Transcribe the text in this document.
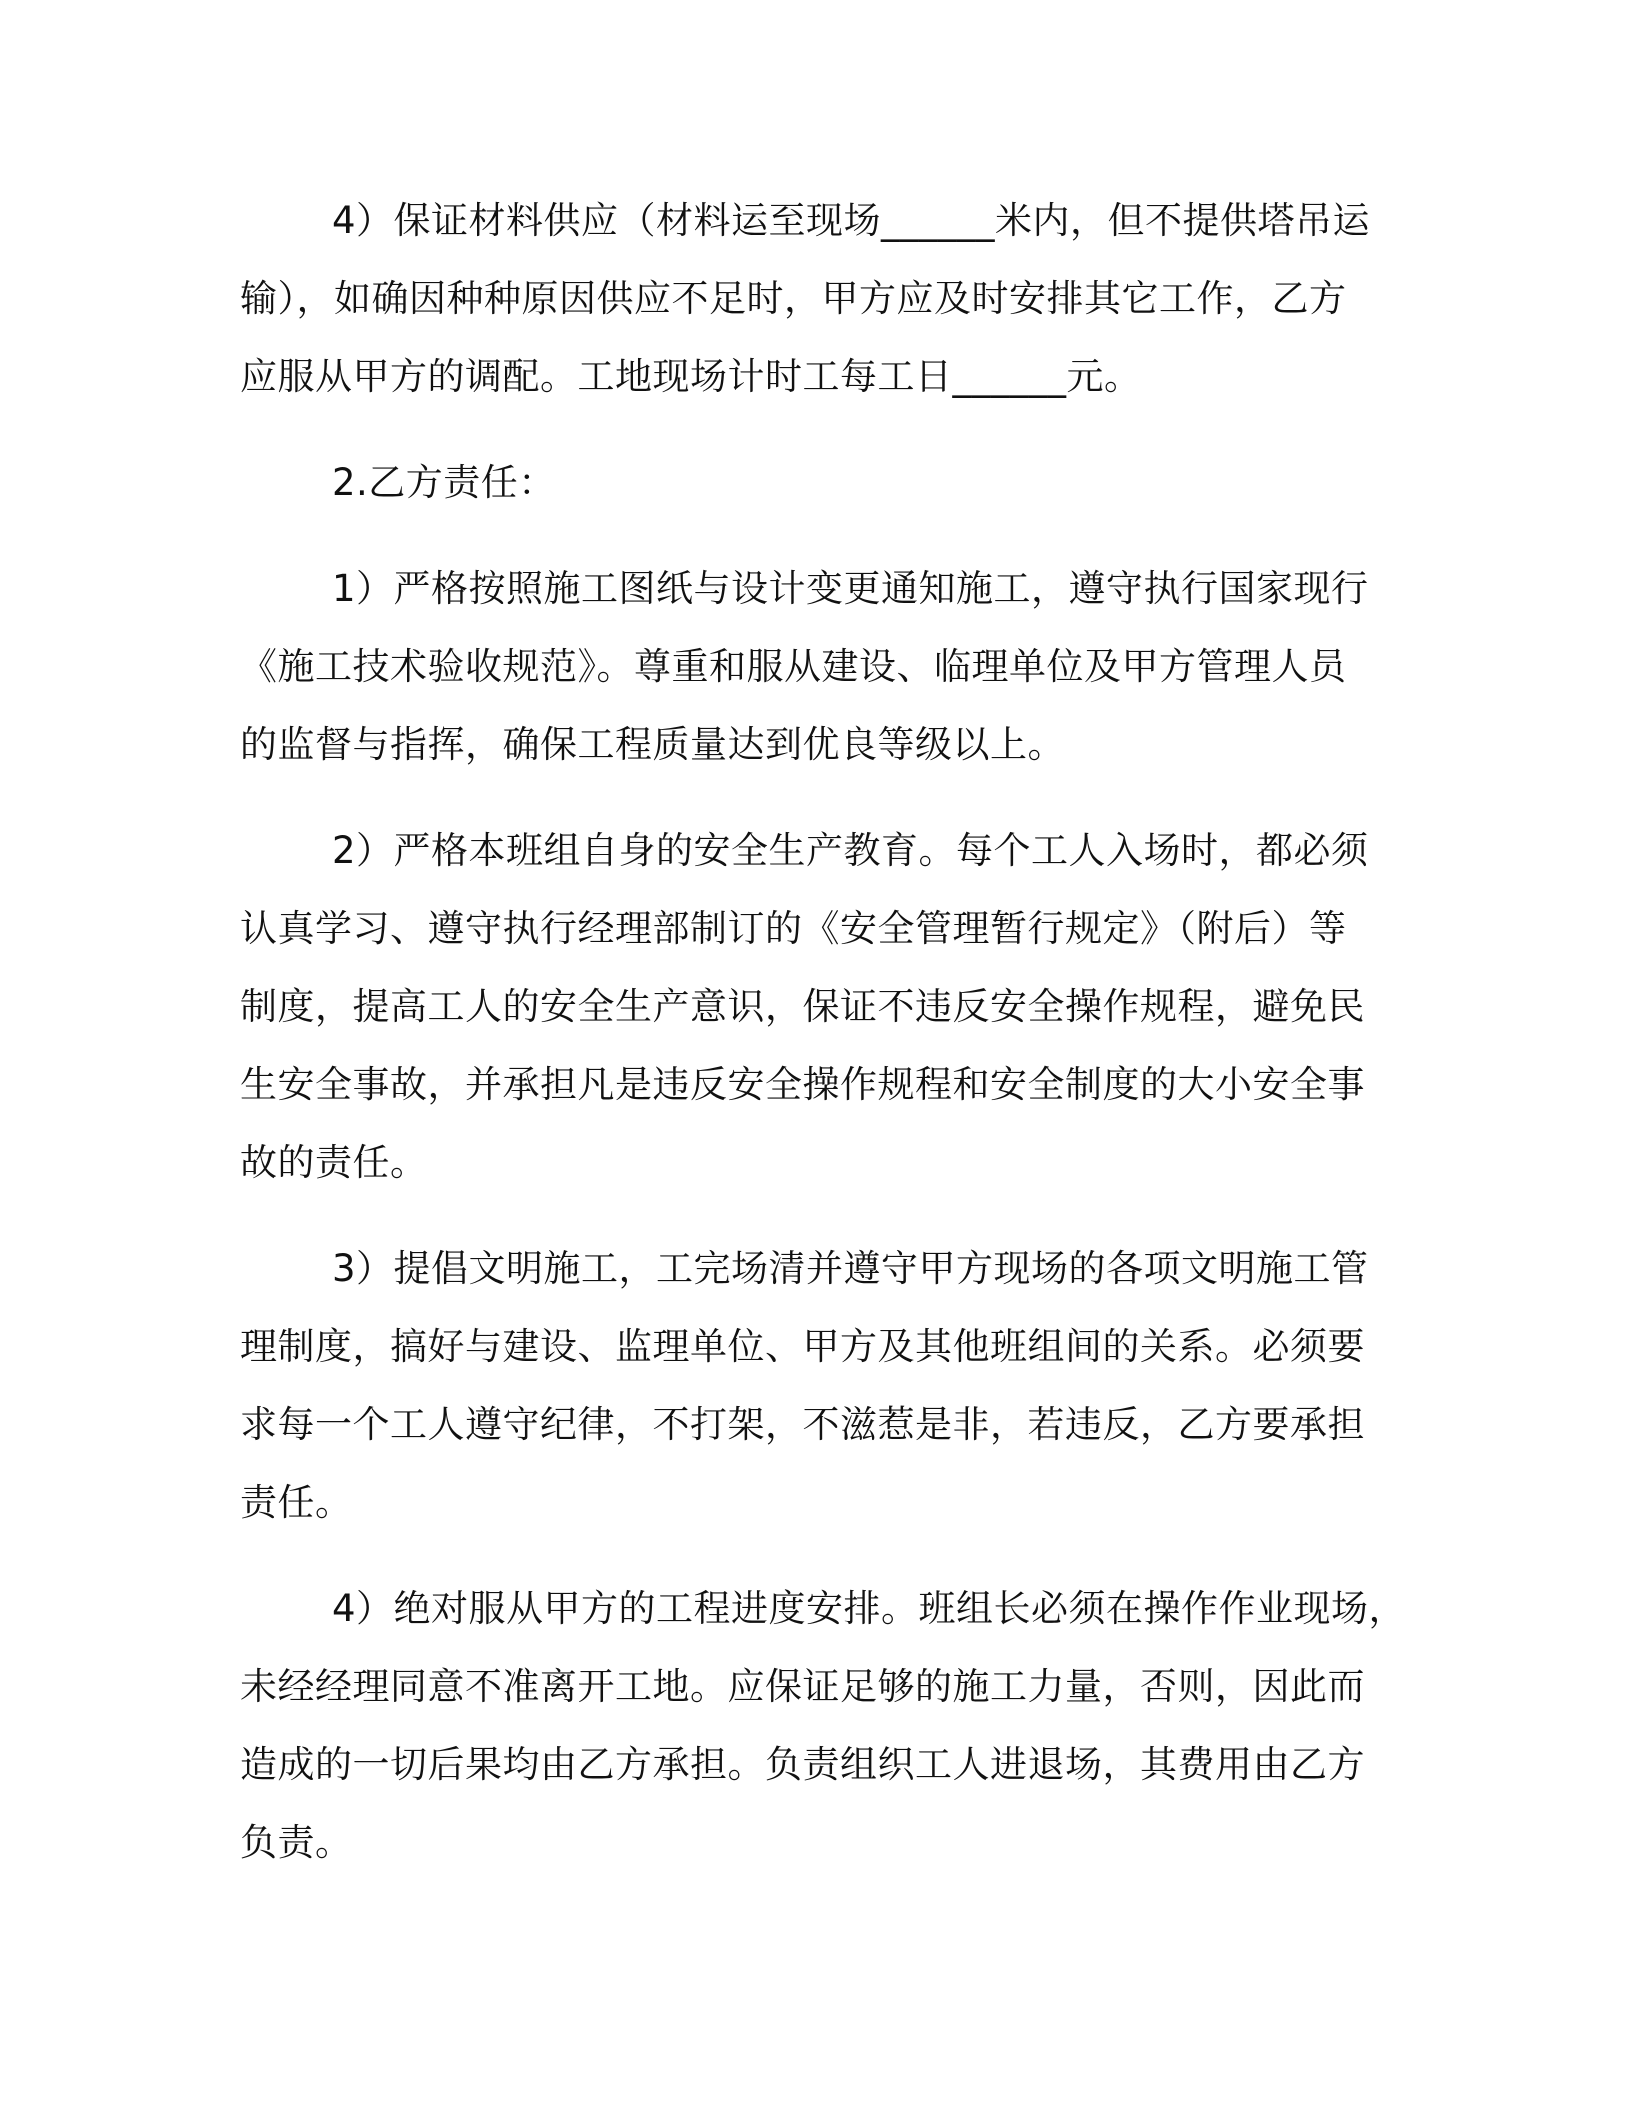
4）保证材料供应（材料运至现场______米内，但不提供塔吊运
输），如确因种种原因供应不足时，甲方应及时安排其它工作，乙方
应服从甲方的调配。工地现场计时工每工日______元。
2.乙方责任：
1）严格按照施工图纸与设计变更通知施工，遵守执行国家现行
《施工技术验收规范》。尊重和服从建设、临理单位及甲方管理人员
的监督与指挥，确保工程质量达到优良等级以上。
2）严格本班组自身的安全生产教育。每个工人入场时，都必须
认真学习、遵守执行经理部制订的《安全管理暂行规定》（附后）等
制度，提高工人的安全生产意识，保证不违反安全操作规程，避免民
生安全事故，并承担凡是违反安全操作规程和安全制度的大小安全事
故的责任。
3）提倡文明施工，工完场清并遵守甲方现场的各项文明施工管
理制度，搞好与建设、监理单位、甲方及其他班组间的关系。必须要
求每一个工人遵守纪律，不打架，不滋惹是非，若违反，乙方要承担
责任。
4）绝对服从甲方的工程进度安排。班组长必须在操作作业现场，
未经经理同意不准离开工地。应保证足够的施工力量，否则，因此而
造成的一切后果均由乙方承担。负责组织工人进退场，其费用由乙方
负责。
